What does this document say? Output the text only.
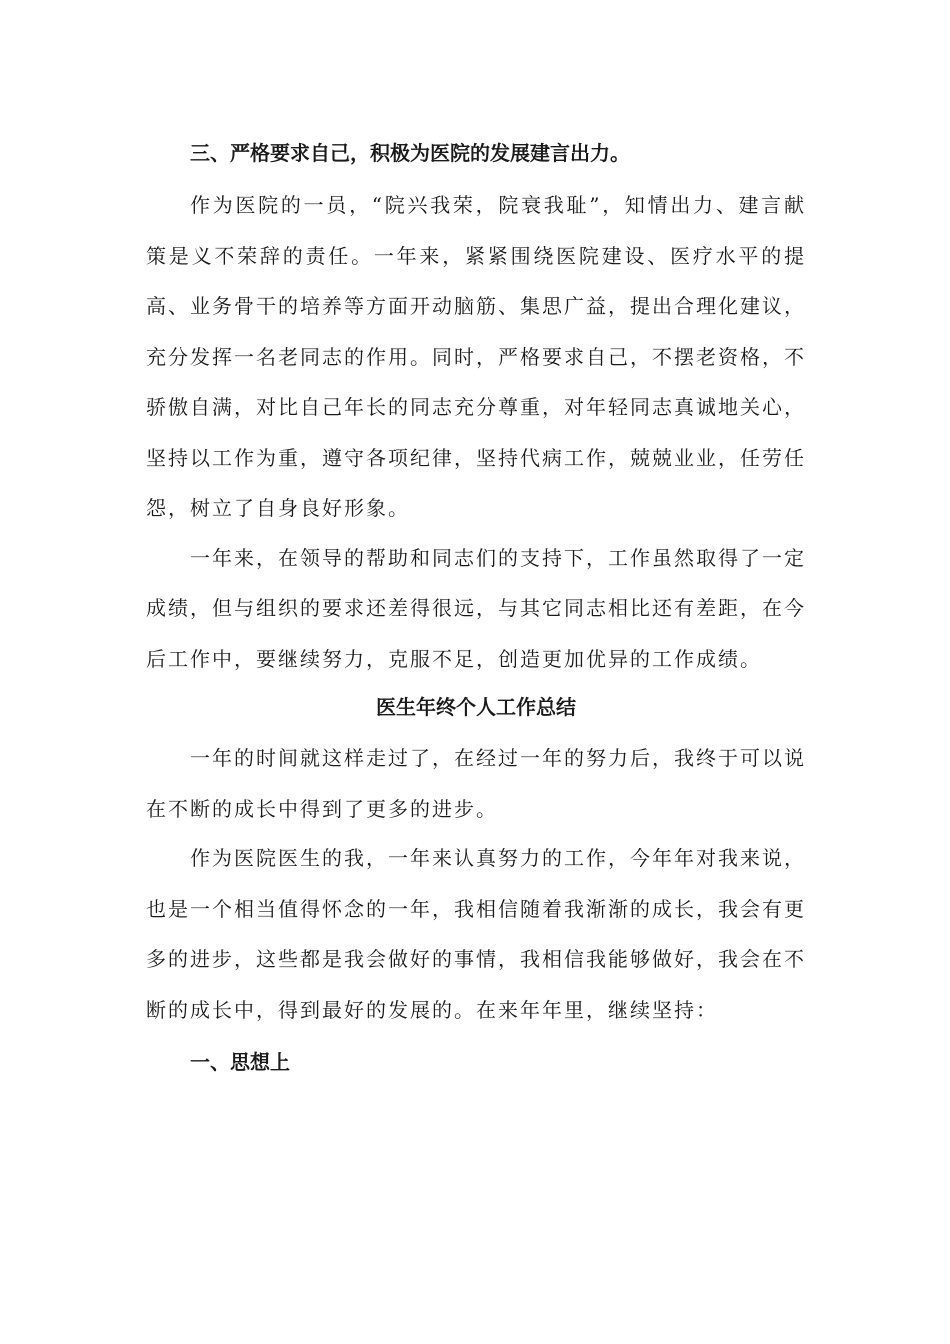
三、严格要求自己，积极为医院的发展建言出力。

作为医院的一员，“院兴我荣，院衰我耻”，知情出力、建言献策是义不荣辞的责任。一年来，紧紧围绕医院建设、医疗水平的提高、业务骨干的培养等方面开动脑筋、集思广益，提出合理化建议，充分发挥一名老同志的作用。同时，严格要求自己，不摆老资格，不骄傲自满，对比自己年长的同志充分尊重，对年轻同志真诚地关心，坚持以工作为重，遵守各项纪律，坚持代病工作，兢兢业业，任劳任怨，树立了自身良好形象。

一年来，在领导的帮助和同志们的支持下，工作虽然取得了一定成绩，但与组织的要求还差得很远，与其它同志相比还有差距，在今后工作中，要继续努力，克服不足，创造更加优异的工作成绩。

医生年终个人工作总结

一年的时间就这样走过了，在经过一年的努力后，我终于可以说在不断的成长中得到了更多的进步。

作为医院医生的我，一年来认真努力的工作，今年年对我来说，也是一个相当值得怀念的一年，我相信随着我渐渐的成长，我会有更多的进步，这些都是我会做好的事情，我相信我能够做好，我会在不断的成长中，得到最好的发展的。在来年年里，继续坚持：

一、思想上
